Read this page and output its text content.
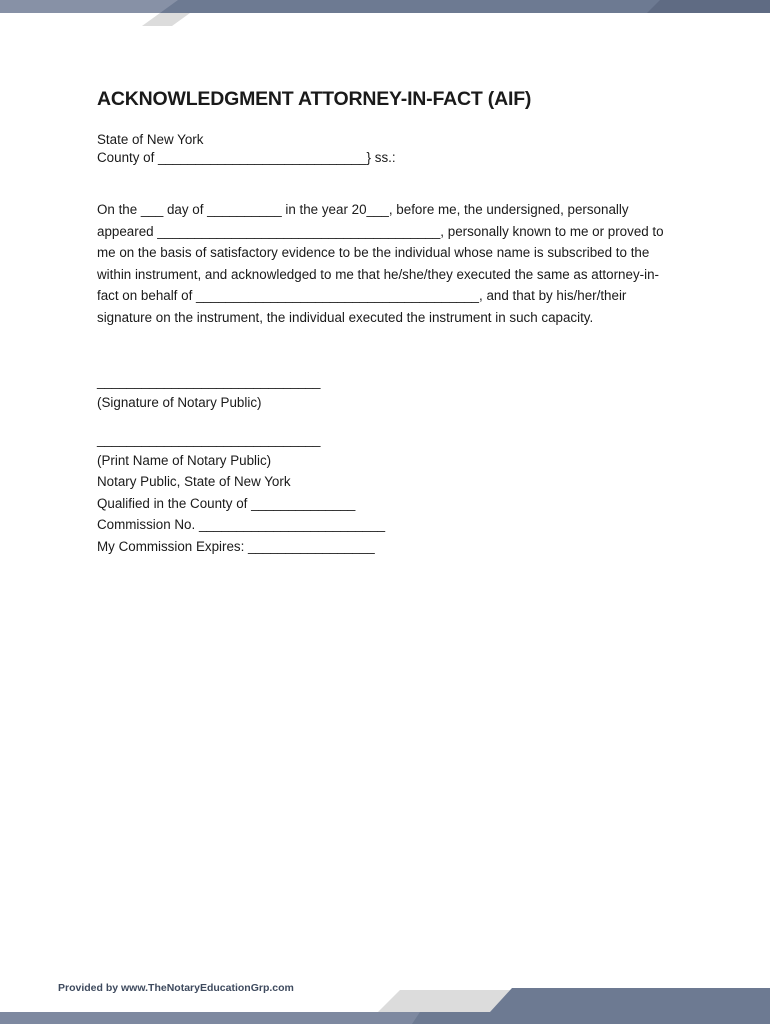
ACKNOWLEDGMENT ATTORNEY-IN-FACT (AIF)
State of New York
County of ____________________________} ss.:
On the ___ day of __________ in the year 20___, before me, the undersigned, personally
appeared ______________________________________, personally known to me or proved to
me on the basis of satisfactory evidence to be the individual whose name is subscribed to the
within instrument, and acknowledged to me that he/she/they executed the same as attorney-in-
fact on behalf of ______________________________________, and that by his/her/their
signature on the instrument, the individual executed the instrument in such capacity.
______________________________
(Signature of Notary Public)
______________________________
(Print Name of Notary Public)
Notary Public, State of New York
Qualified in the County of ______________
Commission No. _________________________
My Commission Expires: _________________
Provided by www.TheNotaryEducationGrp.com
